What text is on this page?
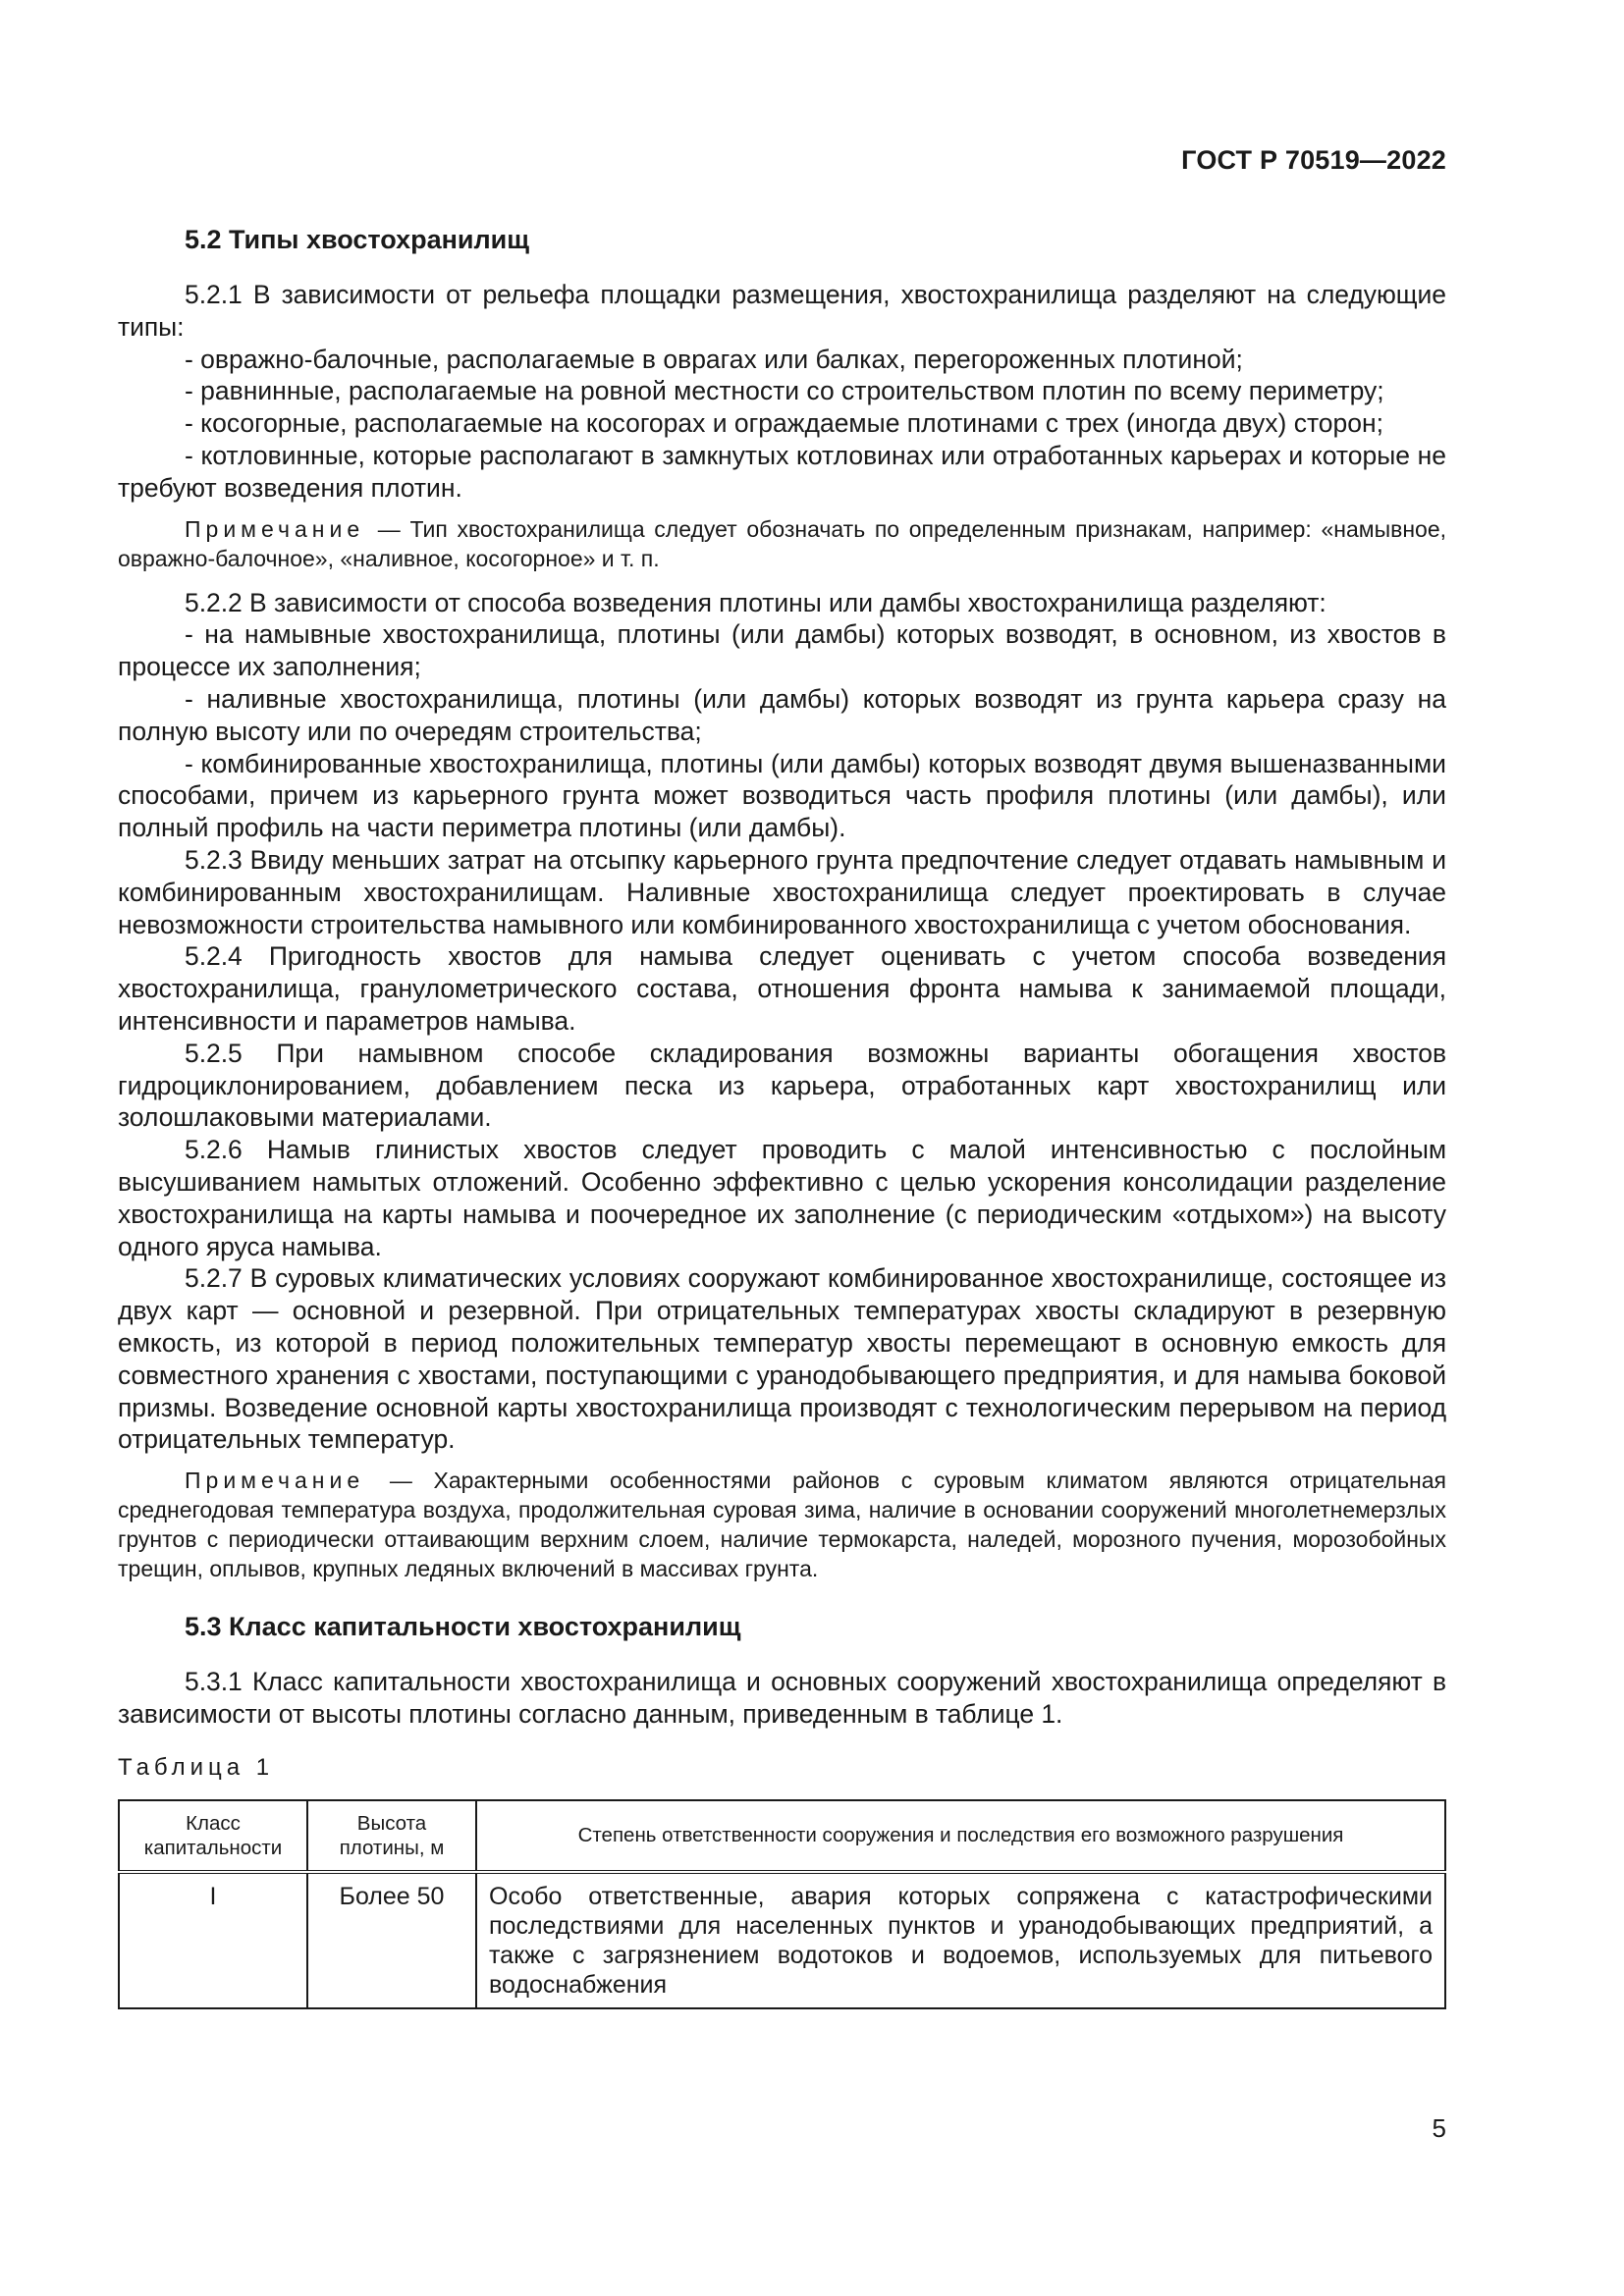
ГОСТ Р 70519—2022
5.2 Типы хвостохранилищ

5.2.1 В зависимости от рельефа площадки размещения, хвостохранилища разделяют на следующие типы:

- овражно-балочные, располагаемые в оврагах или балках, перегороженных плотиной;

- равнинные, располагаемые на ровной местности со строительством плотин по всему периметру;

- косогорные, располагаемые на косогорах и ограждаемые плотинами с трех (иногда двух) сторон;

- котловинные, которые располагают в замкнутых котловинах или отработанных карьерах и которые не требуют возведения плотин.

Примечание — Тип хвостохранилища следует обозначать по определенным признакам, например: «намывное, овражно-балочное», «наливное, косогорное» и т. п.

5.2.2 В зависимости от способа возведения плотины или дамбы хвостохранилища разделяют:

- на намывные хвостохранилища, плотины (или дамбы) которых возводят, в основном, из хвостов в процессе их заполнения;

- наливные хвостохранилища, плотины (или дамбы) которых возводят из грунта карьера сразу на полную высоту или по очередям строительства;

- комбинированные хвостохранилища, плотины (или дамбы) которых возводят двумя вышеназванными способами, причем из карьерного грунта может возводиться часть профиля плотины (или дамбы), или полный профиль на части периметра плотины (или дамбы).

5.2.3 Ввиду меньших затрат на отсыпку карьерного грунта предпочтение следует отдавать намывным и комбинированным хвостохранилищам. Наливные хвостохранилища следует проектировать в случае невозможности строительства намывного или комбинированного хвостохранилища с учетом обоснования.

5.2.4 Пригодность хвостов для намыва следует оценивать с учетом способа возведения хвостохранилища, гранулометрического состава, отношения фронта намыва к занимаемой площади, интенсивности и параметров намыва.

5.2.5 При намывном способе складирования возможны варианты обогащения хвостов гидроциклонированием, добавлением песка из карьера, отработанных карт хвостохранилищ или золошлаковыми материалами.

5.2.6 Намыв глинистых хвостов следует проводить с малой интенсивностью с послойным высушиванием намытых отложений. Особенно эффективно с целью ускорения консолидации разделение хвостохранилища на карты намыва и поочередное их заполнение (с периодическим «отдыхом») на высоту одного яруса намыва.

5.2.7 В суровых климатических условиях сооружают комбинированное хвостохранилище, состоящее из двух карт — основной и резервной. При отрицательных температурах хвосты складируют в резервную емкость, из которой в период положительных температур хвосты перемещают в основную емкость для совместного хранения с хвостами, поступающими с уранодобывающего предприятия, и для намыва боковой призмы. Возведение основной карты хвостохранилища производят с технологическим перерывом на период отрицательных температур.

Примечание — Характерными особенностями районов с суровым климатом являются отрицательная среднегодовая температура воздуха, продолжительная суровая зима, наличие в основании сооружений многолетнемерзлых грунтов с периодически оттаивающим верхним слоем, наличие термокарста, наледей, морозного пучения, морозобойных трещин, оплывов, крупных ледяных включений в массивах грунта.

5.3 Класс капитальности хвостохранилищ

5.3.1 Класс капитальности хвостохранилища и основных сооружений хвостохранилища определяют в зависимости от высоты плотины согласно данным, приведенным в таблице 1.

Таблица 1
Класс капитальности	Высота плотины, м	Степень ответственности сооружения и последствия его возможного разрушения
I	Более 50	Особо ответственные, авария которых сопряжена с катастрофическими последствиями для населенных пунктов и уранодобывающих предприятий, а также с загрязнением водотоков и водоемов, используемых для питьевого водоснабжения
5
